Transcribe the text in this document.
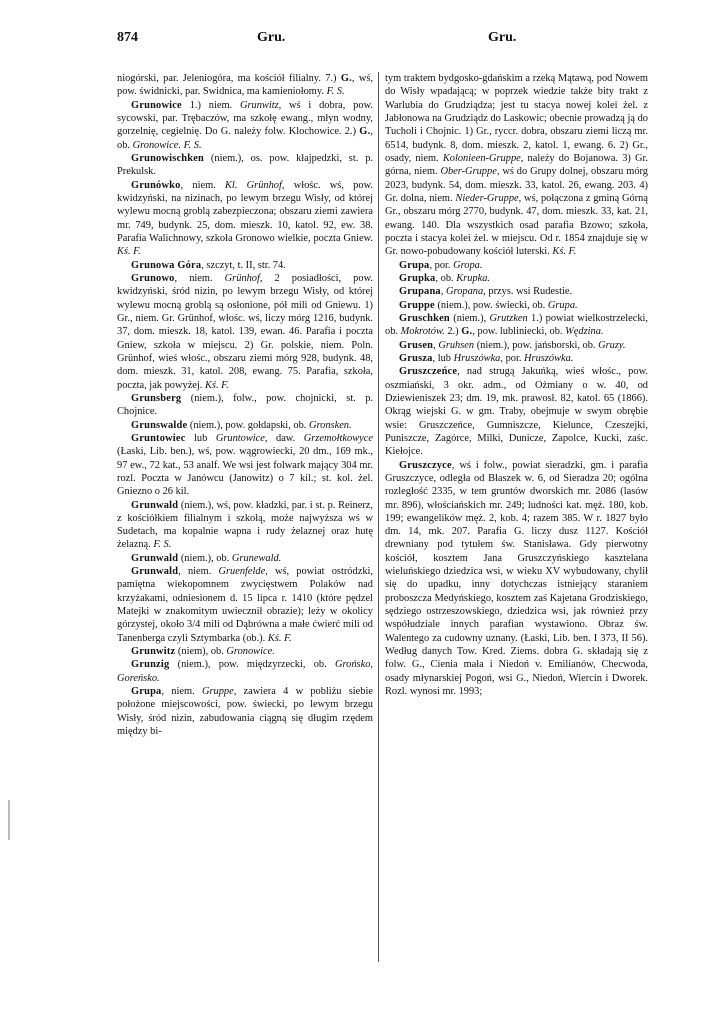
874	Gru.	Gru.

niogórski, par. Jeleniogóra, ma kościół filialny. 7.) G., wś, pow. świdnicki, par. Swidnica, ma kamieniołomy. F. S.

Grunowice 1.) niem. Grunwitz, wś i dobra, pow. sycowski, par. Trębaczów, ma szkołę ewang., młyn wodny, gorzelnię, cegielnię. Do G. należy folw. Klochowice. 2.) G., ob. Gronowice. F. S.

Grunowischken (niem.), os. pow. kłajpedzki, st. p. Prekulsk.

Grunówko, niem. Kl. Grünhof, włośc. wś, pow. kwidzyński, na nizinach, po lewym brzegu Wisły, od której wylewu mocną groblą zabezpieczona; obszaru ziemi zawiera mr. 749, budynk. 25, dom. mieszk. 10, katol. 92, ew. 38. Parafia Walichnowy, szkoła Gronowo wielkie, poczta Gniew. Kś. F.

Grunowa Góra, szczyt, t. II, str. 74.

Grunowo, niem. Grünhof, 2 posiadłości, pow. kwidzyński, śród nizin, po lewym brzegu Wisły, od której wylewu mocną groblą są osłonione, pół mili od Gniewu. 1) Gr., niem. Gr. Grünhof, włośc. wś, liczy mórg 1216, budynk. 37, dom. mieszk. 18, katol. 139, ewan. 46. Parafia i poczta Gniew, szkoła w miejscu. 2) Gr. polskie, niem. Poln. Grünhof, wieś włośc., obszaru ziemi mórg 928, budynk. 48, dom. mieszk. 31, katol. 208, ewang. 75. Parafia, szkoła, poczta, jak powyżej. Kś. F.

Grunsberg (niem.), folw., pow. chojnicki, st. p. Chojnice.

Grunswalde (niem.), pow. gołdapski, ob. Gronsken.

Gruntowiec lub Gruntowice, daw. Grzemołtkowyce (Łaski, Lib. ben.), wś, pow. wągrowiecki, 20 dm., 169 mk., 97 ew., 72 kat., 53 analf. We wsi jest folwark mający 304 mr. rozl. Poczta w Janówcu (Janowitz) o 7 kil.; st. kol. żel. Gniezno o 26 kil.

Grunwald (niem.), wś, pow. kładzki, par. i st. p. Reinerz, z kościółkiem filialnym i szkołą, może najwyższa wś w Sudetach, ma kopalnie wapna i rudy żelaznej oraz hutę żelazną. F. S.

Grunwald (niem.), ob. Grunewald.

Grunwald, niem. Gruenfelde, wś, powiat ostródzki, pamiętna wiekopomnem zwycięstwem Polaków nad krzyżakami, odniesionem d. 15 lipca r. 1410 (które pędzel Matejki w znakomitym uwiecznił obrazie); leży w okolicy górzystej, około 3/4 mili od Dąbrówna a małe ćwierć mili od Tanenberga czyli Sztymbarka (ob.). Kś. F.

Grunwitz (niem), ob. Gronowice.

Grunzig (niem.), pow. międzyrzecki, ob. Grońsko, Goreńsko.

Grupa, niem. Gruppe, zawiera 4 w pobliżu siebie położone miejscowości, pow. świecki, po lewym brzegu Wisły, śród nizin, zabudowania ciągną się długim rzędem między bi-

tym traktem bydgosko-gdańskim a rzeką Mątawą, pod Nowem do Wisły wpadającą; w poprzek wiedzie także bity trakt z Warlubia do Grudziądza; jest tu stacya nowej kolei żel. z Jabłonowa na Grudziądz do Laskowic; obecnie prowadzą ją do Tucholi i Chojnic. 1) Gr., ryccr. dobra, obszaru ziemi liczą mr. 6514, budynk. 8, dom. mieszk. 2, katol. 1, ewang. 6. 2) Gr., osady, niem. Kolonieen-Gruppe, należy do Bojanowa. 3) Gr. górna, niem. Ober-Gruppe, wś do Grupy dolnej, obszaru mórg 2023, budynk. 54, dom. mieszk. 33, katol. 26, ewang. 203. 4) Gr. dolna, niem. Nieder-Gruppe, wś, połączona z gminą Górną Gr., obszaru mórg 2770, budynk. 47, dom. mieszk. 33, kat. 21, ewang. 140. Dla wszystkich osad parafia Bzowo; szkoła, poczta i stacya kolei żel. w miejscu. Od r. 1854 znajduje się w Gr. nowo-pobudowany kościół luterski. Kś. F.

Grupa, por. Gropa.

Grupka, ob. Krupka.

Grupana, Gropana, przys. wsi Rudestie.

Gruppe (niem.), pow. świecki, ob. Grupa.

Gruschken (niem.), Grutzken 1.) powiat wielkostrzelecki, ob. Mokrotów. 2.) G., pow. lubliniecki, ob. Wędzina.

Grusen, Gruhsen (niem.), pow. jańsborski, ob. Gruzy.

Grusza, lub Hruszówka, por. Hruszówka.

Gruszczeńce, nad strugą Jakuńką, wieś włośc., pow. oszmiański, 3 okr. adm., od Ożmiany o w. 40, od Dziewieniszek 23; dm. 19, mk. prawosł. 82, katol. 65 (1866). Okrąg wiejski G. w gm. Traby, obejmuje w swym obrębie wsie: Gruszczeńce, Gumniszcze, Kielunce, Czeszejki, Puniszcze, Zagórce, Milki, Dunicze, Zapolce, Kucki, zaśc. Kiełojce.

Gruszczyce, wś i folw., powiat sieradzki, gm. i parafia Gruszczyce, odległa od Błaszek w. 6, od Sieradza 20; ogólna rozległość 2335, w tem gruntów dworskich mr. 2086 (lasów mr. 896), włościańskich mr. 249; ludności kat. męż. 180, kob. 199; ewangelików męż. 2, kob. 4; razem 385. W r. 1827 było dm. 14, mk. 207. Parafia G. liczy dusz 1127. Kościół drewniany pod tytułem św. Stanisława. Gdy pierwotny kościół, kosztem Jana Gruszczyńskiego kasztelana wieluńskiego dziedzica wsi, w wieku XV wybudowany, chylił się do upadku, inny dotychczas istniejący staraniem proboszcza Medyńskiego, kosztem zaś Kajetana Grodziskiego, sędziego ostrzeszowskiego, dziedzica wsi, jak również przy współudziale innych parafian wystawiono. Obraz św. Walentego za cudowny uznany. (Łaski, Lib. ben. I 373, II 56). Według danych Tow. Kred. Ziems. dobra G. składają się z folw. G., Cienia mała i Niedoń v. Emilianów, Checwoda, osady młynarskiej Pogoń, wsi G., Niedoń, Wiercin i Dworek. Rozl. wynosi mr. 1993;
